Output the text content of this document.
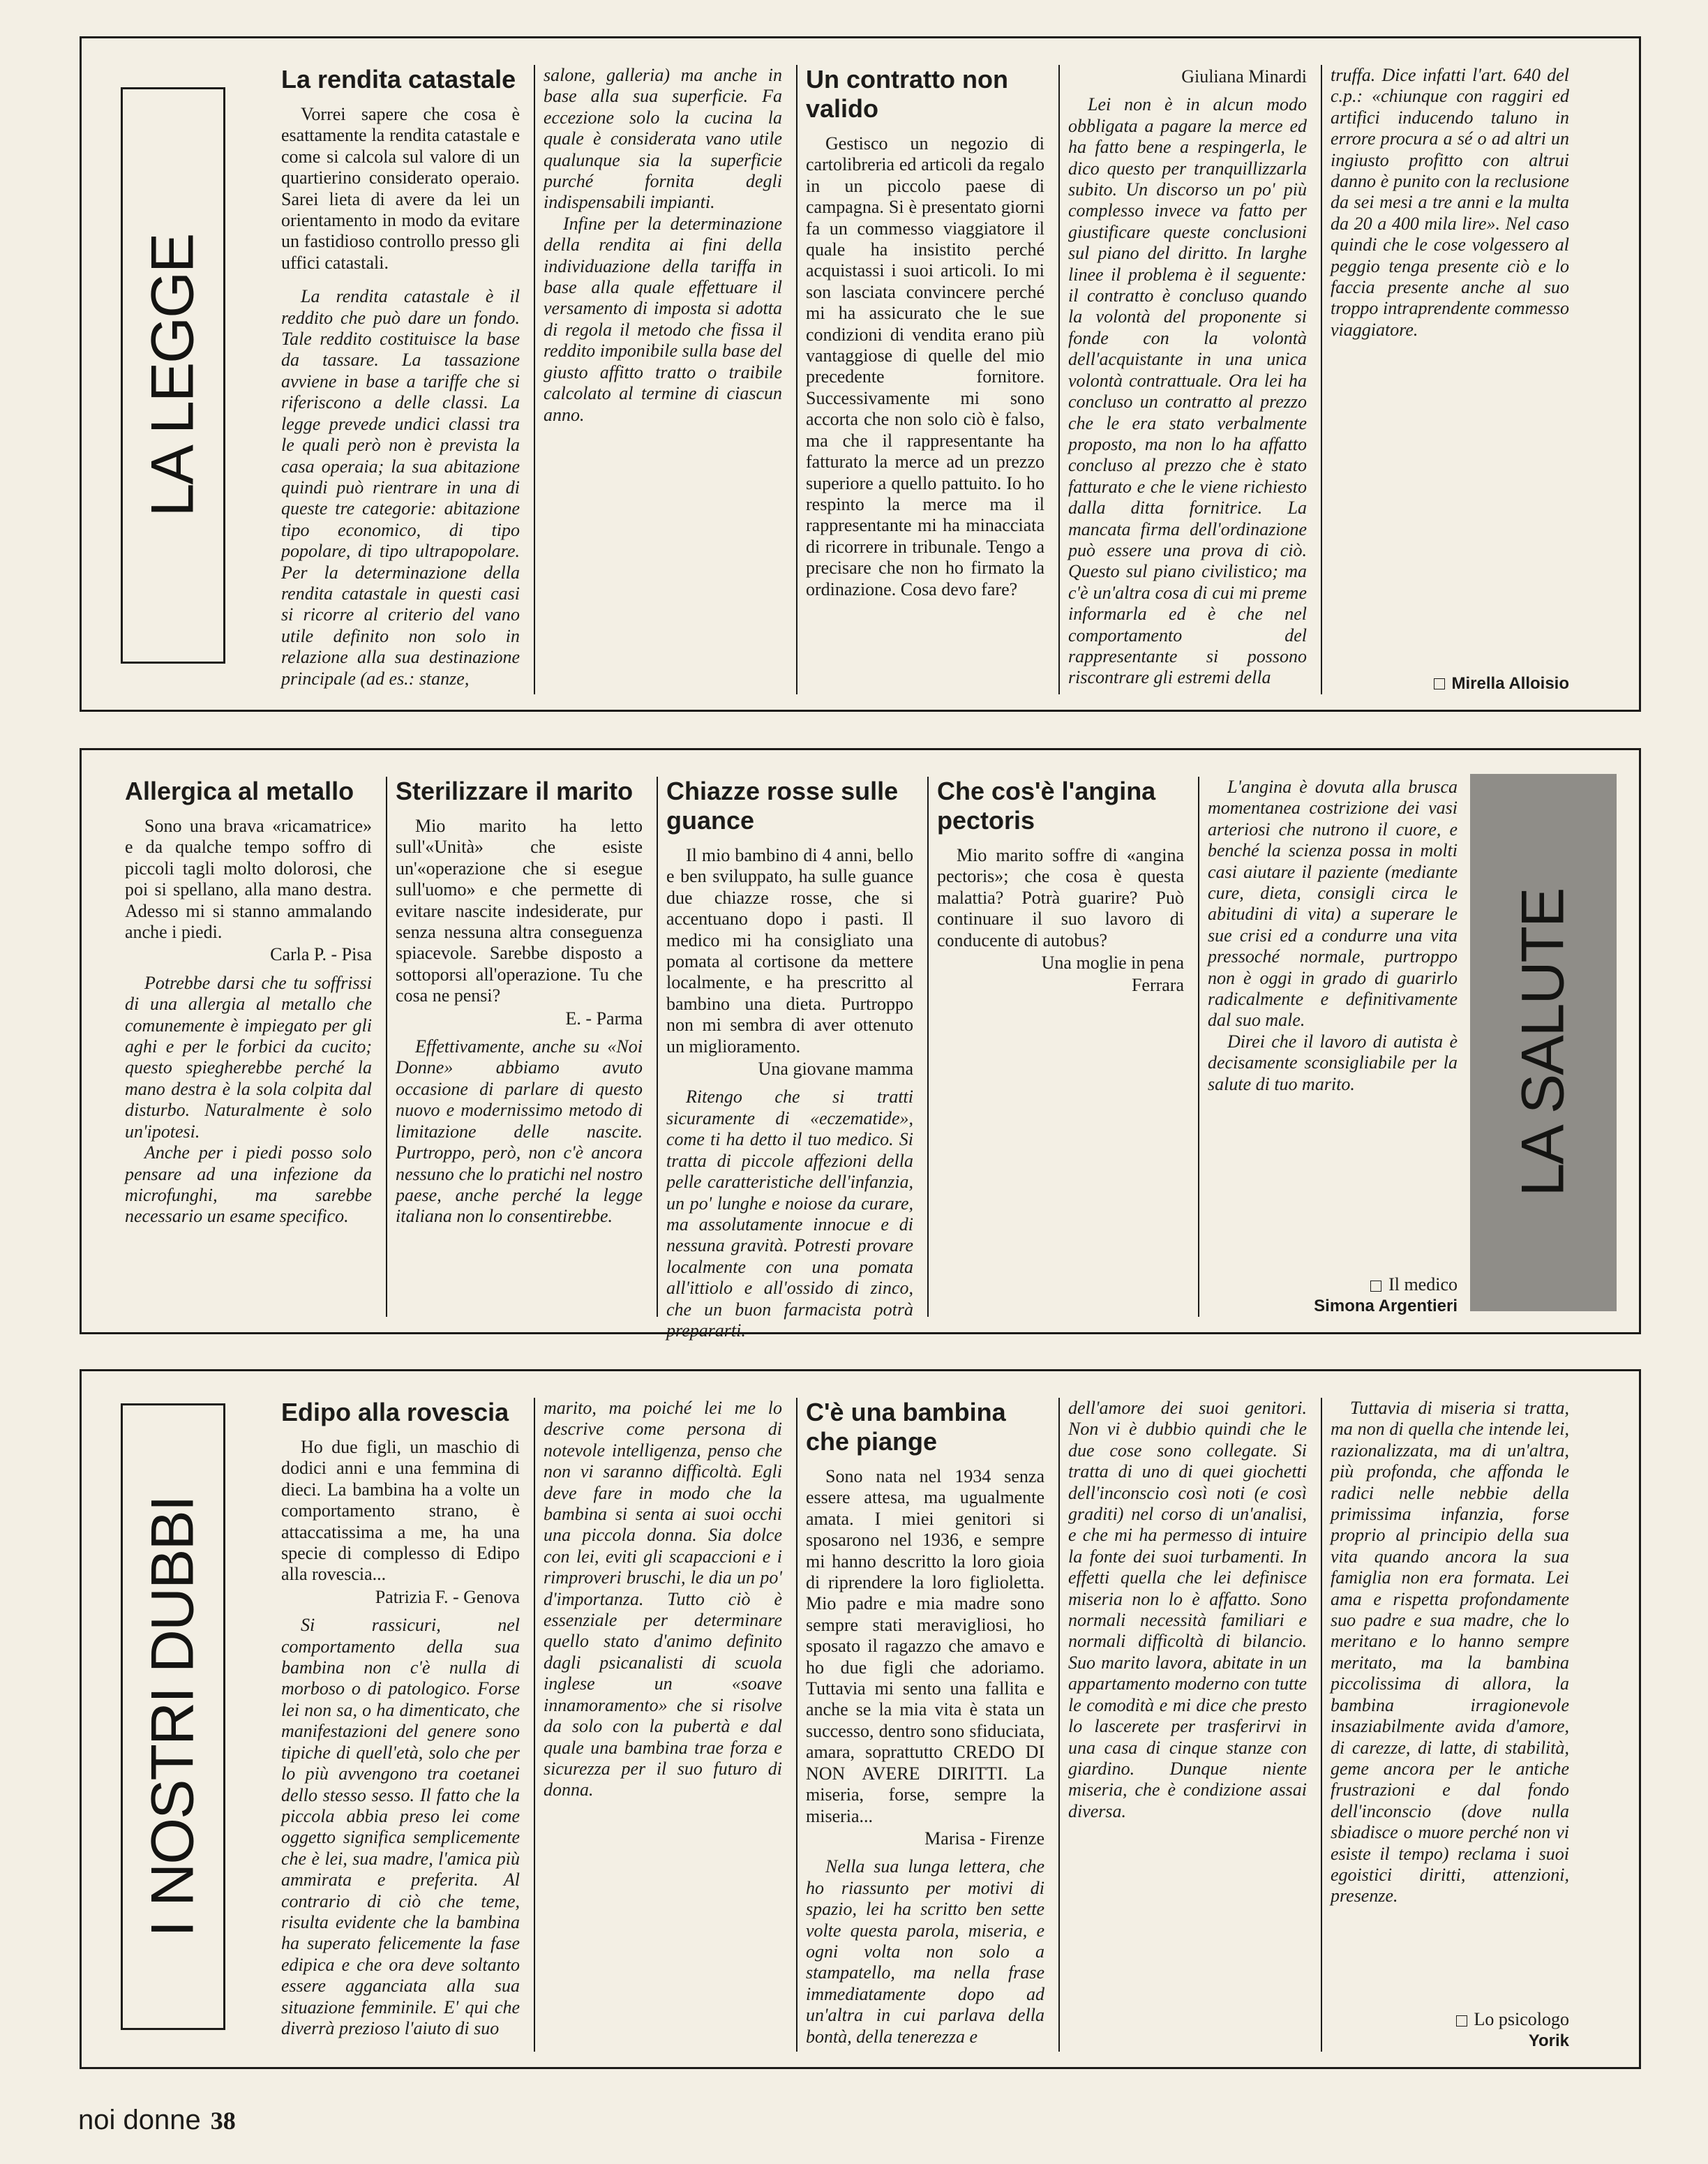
LA LEGGE
La rendita catastale

Vorrei sapere che cosa è esattamente la rendita catastale e come si calcola sul valore di un quartierino considerato operaio. Sarei lieta di avere da lei un orientamento in modo da evitare un fastidioso controllo presso gli uffici catastali.

La rendita catastale è il reddito che può dare un fondo. Tale reddito costituisce la base da tassare. La tassazione avviene in base a tariffe che si riferiscono a delle classi. La legge prevede undici classi tra le quali però non è prevista la casa operaia; la sua abitazione quindi può rientrare in una di queste tre categorie: abitazione tipo economico, di tipo popolare, di tipo ultrapopolare. Per la determinazione della rendita catastale in questi casi si ricorre al criterio del vano utile definito non solo in relazione alla sua destinazione principale (ad es.: stanze,

salone, galleria) ma anche in base alla sua superficie. Fa eccezione solo la cucina la quale è considerata vano utile qualunque sia la superficie purché fornita degli indispensabili impianti.

Infine per la determinazione della rendita ai fini della individuazione della tariffa in base alla quale effettuare il versamento di imposta si adotta di regola il metodo che fissa il reddito imponibile sulla base del giusto affitto tratto o traibile calcolato al termine di ciascun anno.

Un contratto non valido

Gestisco un negozio di cartolibreria ed articoli da regalo in un piccolo paese di campagna. Si è presentato giorni fa un commesso viaggiatore il quale ha insistito perché acquistassi i suoi articoli. Io mi son lasciata convincere perché mi ha assicurato che le sue condizioni di vendita erano più vantaggiose di quelle del mio precedente fornitore. Successivamente mi sono accorta che non solo ciò è falso, ma che il rappresentante ha fatturato la merce ad un prezzo superiore a quello pattuito. Io ho respinto la merce ma il rappresentante mi ha minacciata di ricorrere in tribunale. Tengo a precisare che non ho firmato la ordinazione. Cosa devo fare?

Giuliana Minardi

Lei non è in alcun modo obbligata a pagare la merce ed ha fatto bene a respingerla, le dico questo per tranquillizzarla subito. Un discorso un po' più complesso invece va fatto per giustificare queste conclusioni sul piano del diritto. In larghe linee il problema è il seguente: il contratto è concluso quando la volontà del proponente si fonde con la volontà dell'acquistante in una unica volontà contrattuale. Ora lei ha concluso un contratto al prezzo che le era stato verbalmente proposto, ma non lo ha affatto concluso al prezzo che è stato fatturato e che le viene richiesto dalla ditta fornitrice. La mancata firma dell'ordinazione può essere una prova di ciò. Questo sul piano civilistico; ma c'è un'altra cosa di cui mi preme informarla ed è che nel comportamento del rappresentante si possono riscontrare gli estremi della

truffa. Dice infatti l'art. 640 del c.p.: «chiunque con raggiri ed artifici inducendo taluno in errore procura a sé o ad altri un ingiusto profitto con altrui danno è punito con la reclusione da sei mesi a tre anni e la multa da 20 a 400 mila lire». Nel caso quindi che le cose volgessero al peggio tenga presente ciò e lo faccia presente anche al suo troppo intraprendente commesso viaggiatore.

Mirella Alloisio

Allergica al metallo

Sono una brava «ricamatrice» e da qualche tempo soffro di piccoli tagli molto dolorosi, che poi si spellano, alla mano destra. Adesso mi si stanno ammalando anche i piedi.

Carla P. - Pisa

Potrebbe darsi che tu soffrissi di una allergia al metallo che comunemente è impiegato per gli aghi e per le forbici da cucito; questo spiegherebbe perché la mano destra è la sola colpita dal disturbo. Naturalmente è solo un'ipotesi.

Anche per i piedi posso solo pensare ad una infezione da microfunghi, ma sarebbe necessario un esame specifico.

Sterilizzare il marito

Mio marito ha letto sull'«Unità» che esiste un'«operazione che si esegue sull'uomo» e che permette di evitare nascite indesiderate, pur senza nessuna altra conseguenza spiacevole. Sarebbe disposto a sottoporsi all'operazione. Tu che cosa ne pensi?

E. - Parma

Effettivamente, anche su «Noi Donne» abbiamo avuto occasione di parlare di questo nuovo e modernissimo metodo di limitazione delle nascite. Purtroppo, però, non c'è ancora nessuno che lo pratichi nel nostro paese, anche perché la legge italiana non lo consentirebbe.

Chiazze rosse sulle guance

Il mio bambino di 4 anni, bello e ben sviluppato, ha sulle guance due chiazze rosse, che si accentuano dopo i pasti. Il medico mi ha consigliato una pomata al cortisone da mettere localmente, e ha prescritto al bambino una dieta. Purtroppo non mi sembra di aver ottenuto un miglioramento.

Una giovane mamma

Ritengo che si tratti sicuramente di «eczematide», come ti ha detto il tuo medico. Si tratta di piccole affezioni della pelle caratteristiche dell'infanzia, un po' lunghe e noiose da curare, ma assolutamente innocue e di nessuna gravità. Potresti provare localmente con una pomata all'ittiolo e all'ossido di zinco, che un buon farmacista potrà prepararti.

Che cos'è l'angina pectoris

Mio marito soffre di «angina pectoris»; che cosa è questa malattia? Potrà guarire? Può continuare il suo lavoro di conducente di autobus?

Una moglie in pena

Ferrara

L'angina è dovuta alla brusca momentanea costrizione dei vasi arteriosi che nutrono il cuore, e benché la scienza possa in molti casi aiutare il paziente (mediante cure, dieta, consigli circa le abitudini di vita) a superare le sue crisi ed a condurre una vita pressoché normale, purtroppo non è oggi in grado di guarirlo radicalmente e definitivamente dal suo male.

Direi che il lavoro di autista è decisamente sconsigliabile per la salute di tuo marito.

Il medico

Simona Argentieri

LA SALUTE
I NOSTRI DUBBI
Edipo alla rovescia

Ho due figli, un maschio di dodici anni e una femmina di dieci. La bambina ha a volte un comportamento strano, è attaccatissima a me, ha una specie di complesso di Edipo alla rovescia...

Patrizia F. - Genova

Si rassicuri, nel comportamento della sua bambina non c'è nulla di morboso o di patologico. Forse lei non sa, o ha dimenticato, che manifestazioni del genere sono tipiche di quell'età, solo che per lo più avvengono tra coetanei dello stesso sesso. Il fatto che la piccola abbia preso lei come oggetto significa semplicemente che è lei, sua madre, l'amica più ammirata e preferita. Al contrario di ciò che teme, risulta evidente che la bambina ha superato felicemente la fase edipica e che ora deve soltanto essere agganciata alla sua situazione femminile. E' qui che diverrà prezioso l'aiuto di suo

marito, ma poiché lei me lo descrive come persona di notevole intelligenza, penso che non vi saranno difficoltà. Egli deve fare in modo che la bambina si senta ai suoi occhi una piccola donna. Sia dolce con lei, eviti gli scapaccioni e i rimproveri bruschi, le dia un po' d'importanza. Tutto ciò è essenziale per determinare quello stato d'animo definito dagli psicanalisti di scuola inglese un «soave innamoramento» che si risolve da solo con la pubertà e dal quale una bambina trae forza e sicurezza per il suo futuro di donna.

C'è una bambina che piange

Sono nata nel 1934 senza essere attesa, ma ugualmente amata. I miei genitori si sposarono nel 1936, e sempre mi hanno descritto la loro gioia di riprendere la loro figlioletta. Mio padre e mia madre sono sempre stati meravigliosi, ho sposato il ragazzo che amavo e ho due figli che adoriamo. Tuttavia mi sento una fallita e anche se la mia vita è stata un successo, dentro sono sfiduciata, amara, soprattutto CREDO DI NON AVERE DIRITTI. La miseria, forse, sempre la miseria...

Marisa - Firenze

Nella sua lunga lettera, che ho riassunto per motivi di spazio, lei ha scritto ben sette volte questa parola, miseria, e ogni volta non solo a stampatello, ma nella frase immediatamente dopo ad un'altra in cui parlava della bontà, della tenerezza e

dell'amore dei suoi genitori. Non vi è dubbio quindi che le due cose sono collegate. Si tratta di uno di quei giochetti dell'inconscio così noti (e così graditi) nel corso di un'analisi, e che mi ha permesso di intuire la fonte dei suoi turbamenti. In effetti quella che lei definisce miseria non lo è affatto. Sono normali necessità familiari e normali difficoltà di bilancio. Suo marito lavora, abitate in un appartamento moderno con tutte le comodità e mi dice che presto lo lascerete per trasferirvi in una casa di cinque stanze con giardino. Dunque niente miseria, che è condizione assai diversa.

Tuttavia di miseria si tratta, ma non di quella che intende lei, razionalizzata, ma di un'altra, più profonda, che affonda le radici nelle nebbie della primissima infanzia, forse proprio al principio della sua vita quando ancora la sua famiglia non era formata. Lei ama e rispetta profondamente suo padre e sua madre, che lo meritano e lo hanno sempre meritato, ma la bambina piccolissima di allora, la bambina irragionevole insaziabilmente avida d'amore, di carezze, di latte, di stabilità, geme ancora per le antiche frustrazioni e dal fondo dell'inconscio (dove nulla sbiadisce o muore perché non vi esiste il tempo) reclama i suoi egoistici diritti, attenzioni, presenze.

Lo psicologo

Yorik

noi donne 38
